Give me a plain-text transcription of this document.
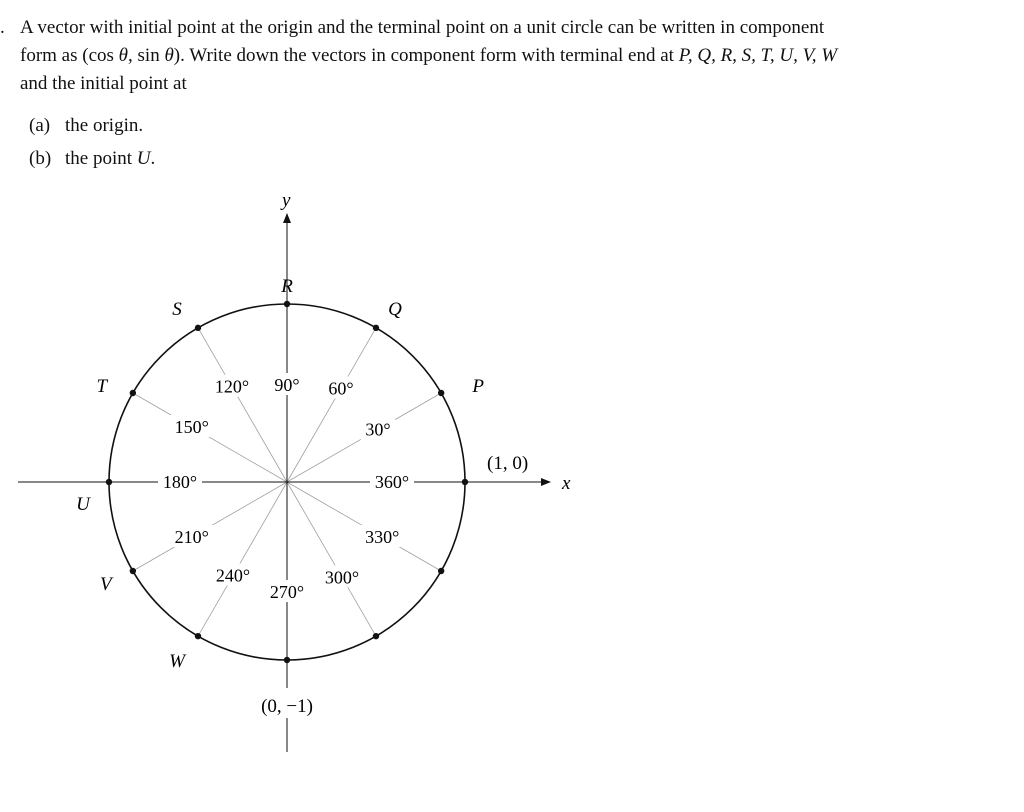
. A vector with initial point at the origin and the terminal point on a unit circle can be written in component
form as (cos θ, sin θ). Write down the vectors in component form with terminal end at P, Q, R, S, T, U, V, W
and the initial point at
(a) the origin.
(b) the point U.
30°
60°
90°
120°
150°
180°
210°
240°
270°
300°
330°
360°
P
Q
R
S
T
U
V
W
x
y
(1, 0)
(0, −1)
